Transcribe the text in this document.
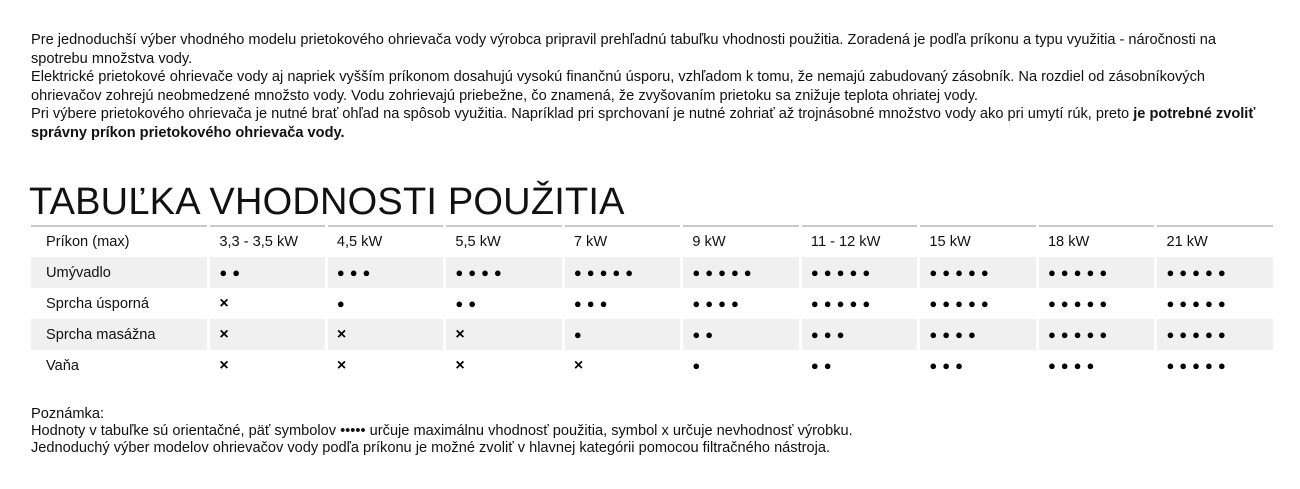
Pre jednoduchší výber vhodného modelu prietokového ohrievača vody výrobca pripravil prehľadnú tabuľku vhodnosti použitia. Zoradená je podľa príkonu a typu využitia - náročnosti na spotrebu množstva vody.

Elektrické prietokové ohrievače vody aj napriek vyšším príkonom dosahujú vysokú finančnú úsporu, vzhľadom k tomu, že nemajú zabudovaný zásobník. Na rozdiel od zásobníkových ohrievačov zohrejú neobmedzené množsto vody. Vodu zohrievajú priebežne, čo znamená, že zvyšovaním prietoku sa znižuje teplota ohriatej vody.

Pri výbere prietokového ohrievača je nutné brať ohľad na spôsob využitia. Napríklad pri sprchovaní je nutné zohriať až trojnásobné množstvo vody ako pri umytí rúk, preto je potrebné zvoliť správny príkon prietokového ohrievača vody.

TABUĽKA VHODNOSTI POUŽITIA
Príkon (max)	3,3 - 3,5 kW	4,5 kW	5,5 kW	7 kW	9 kW	11 - 12 kW	15 kW	18 kW	21 kW
Umývadlo	●●	●●●	●●●●	●●●●●	●●●●●	●●●●●	●●●●●	●●●●●	●●●●●
Sprcha úsporná	×	●	●●	●●●	●●●●	●●●●●	●●●●●	●●●●●	●●●●●
Sprcha masážna	×	×	×	●	●●	●●●	●●●●	●●●●●	●●●●●
Vaňa	×	×	×	×	●	●●	●●●	●●●●	●●●●●

Poznámka:

Hodnoty v tabuľke sú orientačné, päť symbolov ••••• určuje maximálnu vhodnosť použitia, symbol x určuje nevhodnosť výrobku.

Jednoduchý výber modelov ohrievačov vody podľa príkonu je možné zvoliť v hlavnej kategórii pomocou filtračného nástroja.
